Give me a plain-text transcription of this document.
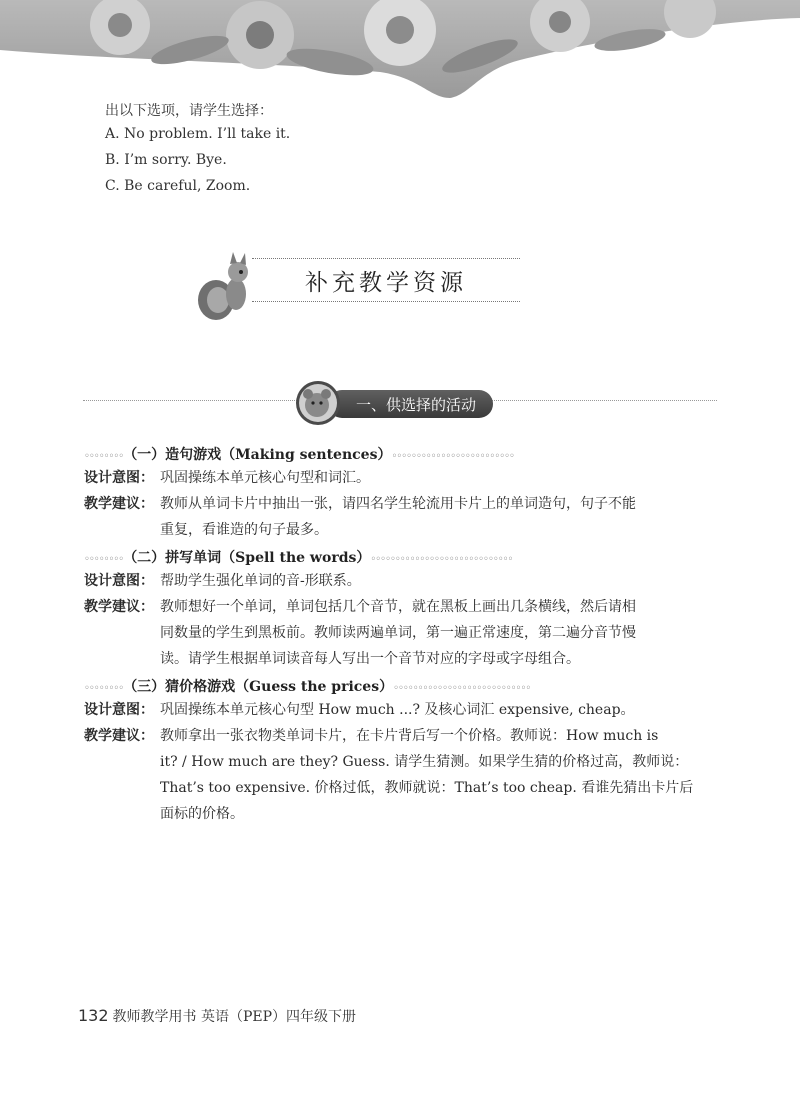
出以下选项，请学生选择：
A. No problem. I’ll take it.
B. I’m sorry. Bye.
C. Be careful, Zoom.
补充教学资源
一、供选择的活动
◦◦◦◦◦◦◦◦（一）造句游戏（Making sentences）◦◦◦◦◦◦◦◦◦◦◦◦◦◦◦◦◦◦◦◦◦◦◦◦◦
设计意图： 巩固操练本单元核心句型和词汇。
教学建议： 教师从单词卡片中抽出一张，请四名学生轮流用卡片上的单词造句，句子不能
重复，看谁造的句子最多。
◦◦◦◦◦◦◦◦（二）拼写单词（Spell the words）◦◦◦◦◦◦◦◦◦◦◦◦◦◦◦◦◦◦◦◦◦◦◦◦◦◦◦◦◦
设计意图： 帮助学生强化单词的音-形联系。
教学建议： 教师想好一个单词，单词包括几个音节，就在黑板上画出几条横线，然后请相
同数量的学生到黑板前。教师读两遍单词，第一遍正常速度，第二遍分音节慢
读。请学生根据单词读音每人写出一个音节对应的字母或字母组合。
◦◦◦◦◦◦◦◦（三）猜价格游戏（Guess the prices）◦◦◦◦◦◦◦◦◦◦◦◦◦◦◦◦◦◦◦◦◦◦◦◦◦◦◦◦
设计意图： 巩固操练本单元核心句型 How much ...? 及核心词汇 expensive, cheap。
教学建议： 教师拿出一张衣物类单词卡片，在卡片背后写一个价格。教师说：How much is
it? / How much are they? Guess. 请学生猜测。如果学生猜的价格过高，教师说：
That’s too expensive. 价格过低，教师就说：That’s too cheap. 看谁先猜出卡片后
面标的价格。
132 教师教学用书 英语（PEP）四年级下册
